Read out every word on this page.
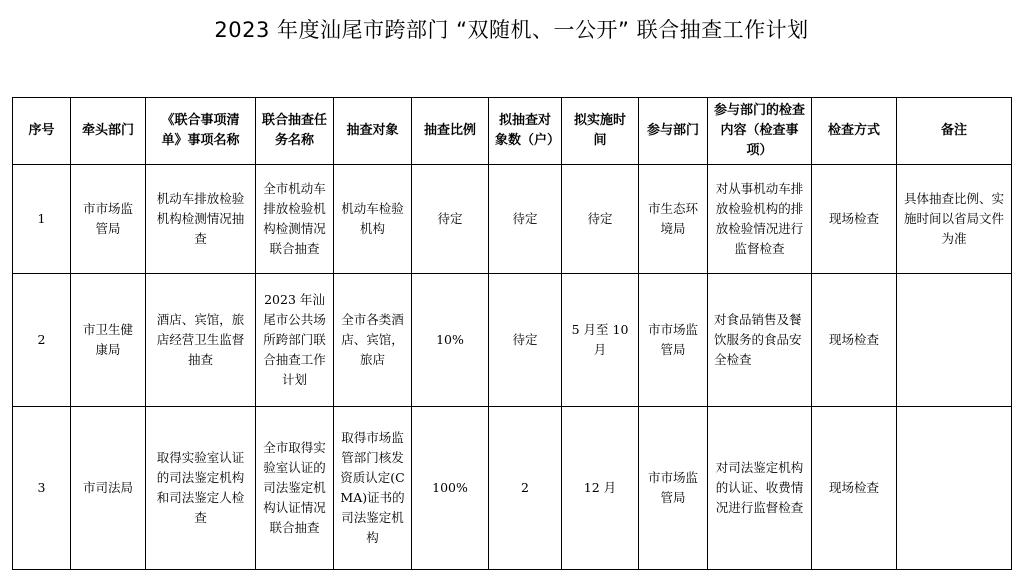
2023 年度汕尾市跨部门 “双随机、一公开” 联合抽查工作计划
序号	牵头部门	《联合事项清单》事项名称	联合抽查任务名称	抽查对象	抽查比例	拟抽查对象数（户）	拟实施时间	参与部门	参与部门的检查内容（检查事项）	检查方式	备注
1	市市场监管局	机动车排放检验机构检测情况抽查	全市机动车排放检验机构检测情况联合抽查	机动车检验机构	待定	待定	待定	市生态环境局	对从事机动车排放检验机构的排放检验情况进行监督检查	现场检查	具体抽查比例、实施时间以省局文件为准
2	市卫生健康局	酒店、宾馆，旅店经营卫生监督抽查	2023 年汕尾市公共场所跨部门联合抽查工作计划	全市各类酒店、宾馆，旅店	10%	待定	5 月至 10 月	市市场监管局	对食品销售及餐饮服务的食品安全检查	现场检查	
3	市司法局	取得实验室认证的司法鉴定机构和司法鉴定人检查	全市取得实验室认证的司法鉴定机构认证情况联合抽查	取得市场监管部门核发资质认定(CMA)证书的司法鉴定机构	100%	2	12 月	市市场监管局	对司法鉴定机构的认证、收费情况进行监督检查	现场检查	
